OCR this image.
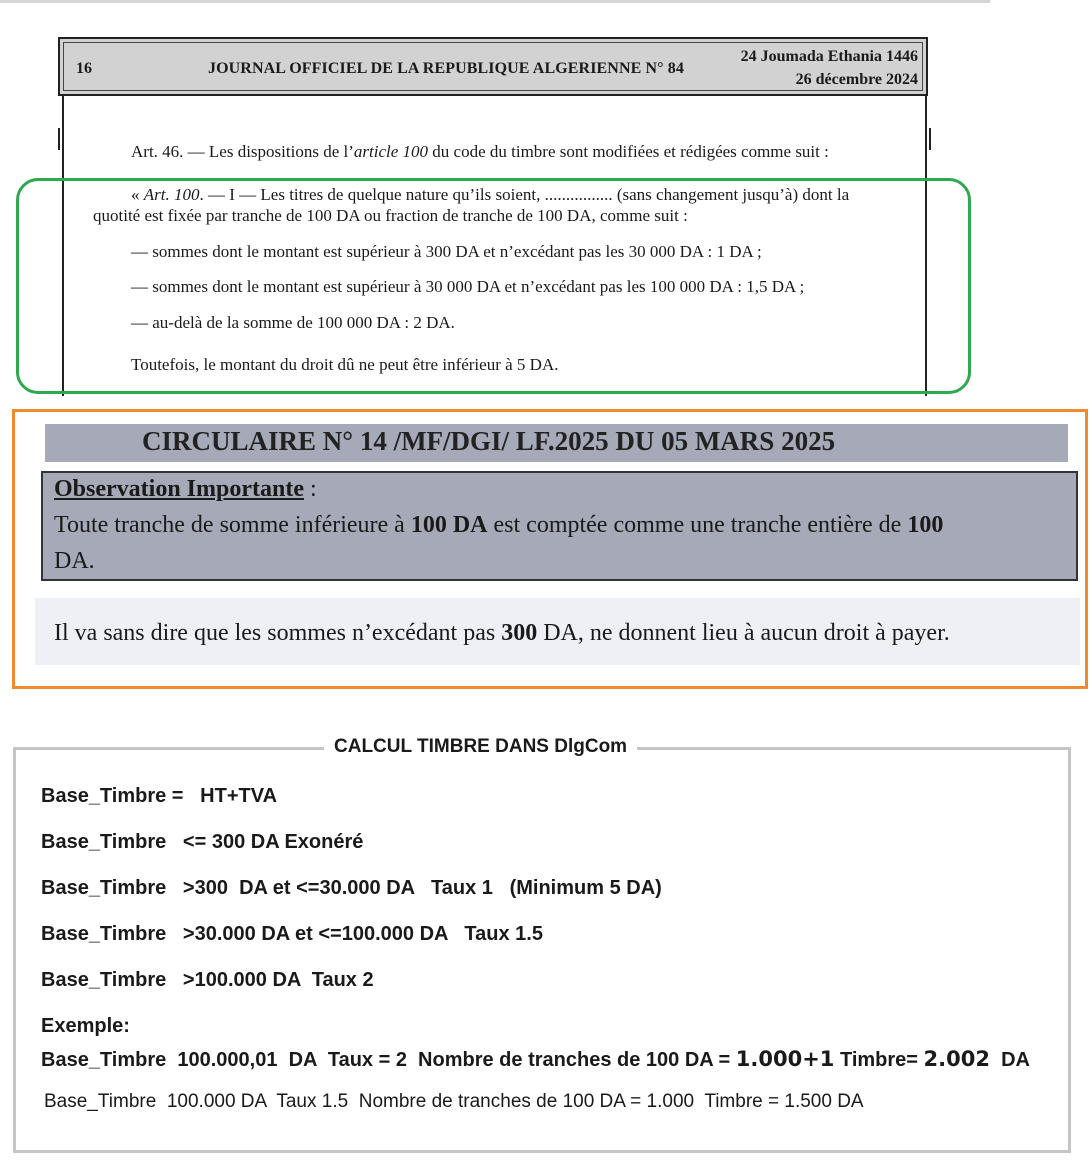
16	JOURNAL OFFICIEL DE LA REPUBLIQUE ALGERIENNE N° 84
24 Joumada Ethania 1446
26 décembre 2024
Art. 46. — Les dispositions de l’article 100 du code du timbre sont modifiées et rédigées comme suit :
« Art. 100. — I — Les titres de quelque nature qu’ils soient, ................ (sans changement jusqu’à) dont la
quotité est fixée par tranche de 100 DA ou fraction de tranche de 100 DA, comme suit :
— sommes dont le montant est supérieur à 300 DA et n’excédant pas les 30 000 DA : 1 DA ;
— sommes dont le montant est supérieur à 30 000 DA et n’excédant pas les 100 000 DA : 1,5 DA ;
— au-delà de la somme de 100 000 DA : 2 DA.
Toutefois, le montant du droit dû ne peut être inférieur à 5 DA.
CIRCULAIRE N° 14 /MF/DGI/ LF.2025 DU 05 MARS 2025
Observation Importante :
Toute tranche de somme inférieure à 100 DA est comptée comme une tranche entière de 100
DA.
Il va sans dire que les sommes n’excédant pas 300 DA, ne donnent lieu à aucun droit à payer.
CALCUL TIMBRE DANS DlgCom
Base_Timbre =   HT+TVA
Base_Timbre   <= 300 DA Exonéré
Base_Timbre   >300  DA et <=30.000 DA   Taux 1   (Minimum 5 DA)
Base_Timbre   >30.000 DA et <=100.000 DA   Taux 1.5
Base_Timbre   >100.000 DA  Taux 2
Exemple:
Base_Timbre  100.000,01  DA  Taux = 2  Nombre de tranches de 100 DA = 1.000+1 Timbre= 2.002  DA
Base_Timbre  100.000 DA  Taux 1.5  Nombre de tranches de 100 DA = 1.000  Timbre = 1.500 DA
